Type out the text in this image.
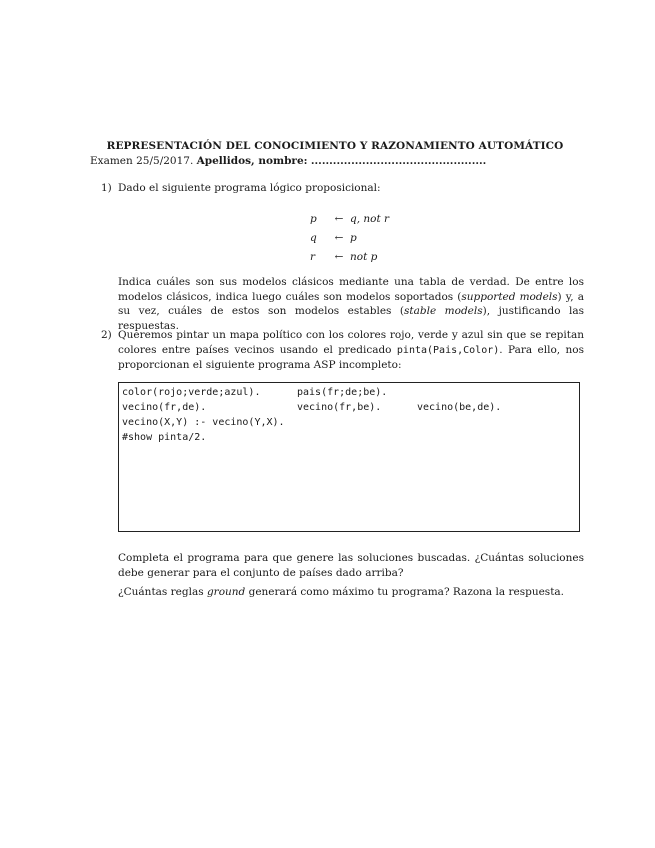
REPRESENTACIÓN DEL CONOCIMIENTO Y RAZONAMIENTO AUTOMÁTICO
Examen 25/5/2017. Apellidos, nombre: ................................................
1) Dado el siguiente programa lógico proposicional:
p	← q, not r
q	← p
r	← not p
Indica cuáles son sus modelos clásicos mediante una tabla de verdad. De entre los modelos clásicos, indica luego cuáles son modelos soportados (supported models) y, a su vez, cuáles de estos son modelos estables (stable models), justificando las respuestas.
2) Queremos pintar un mapa político con los colores rojo, verde y azul sin que se repitan colores entre países vecinos usando el predicado pinta(Pais,Color). Para ello, nos proporcionan el siguiente programa ASP incompleto:
color(rojo;verde;azul).	pais(fr;de;be).
vecino(fr,de).	vecino(fr,be).	vecino(be,de).
vecino(X,Y) :- vecino(Y,X).
#show pinta/2.
Completa el programa para que genere las soluciones buscadas. ¿Cuántas soluciones debe generar para el conjunto de países dado arriba?
¿Cuántas reglas ground generará como máximo tu programa? Razona la respuesta.
